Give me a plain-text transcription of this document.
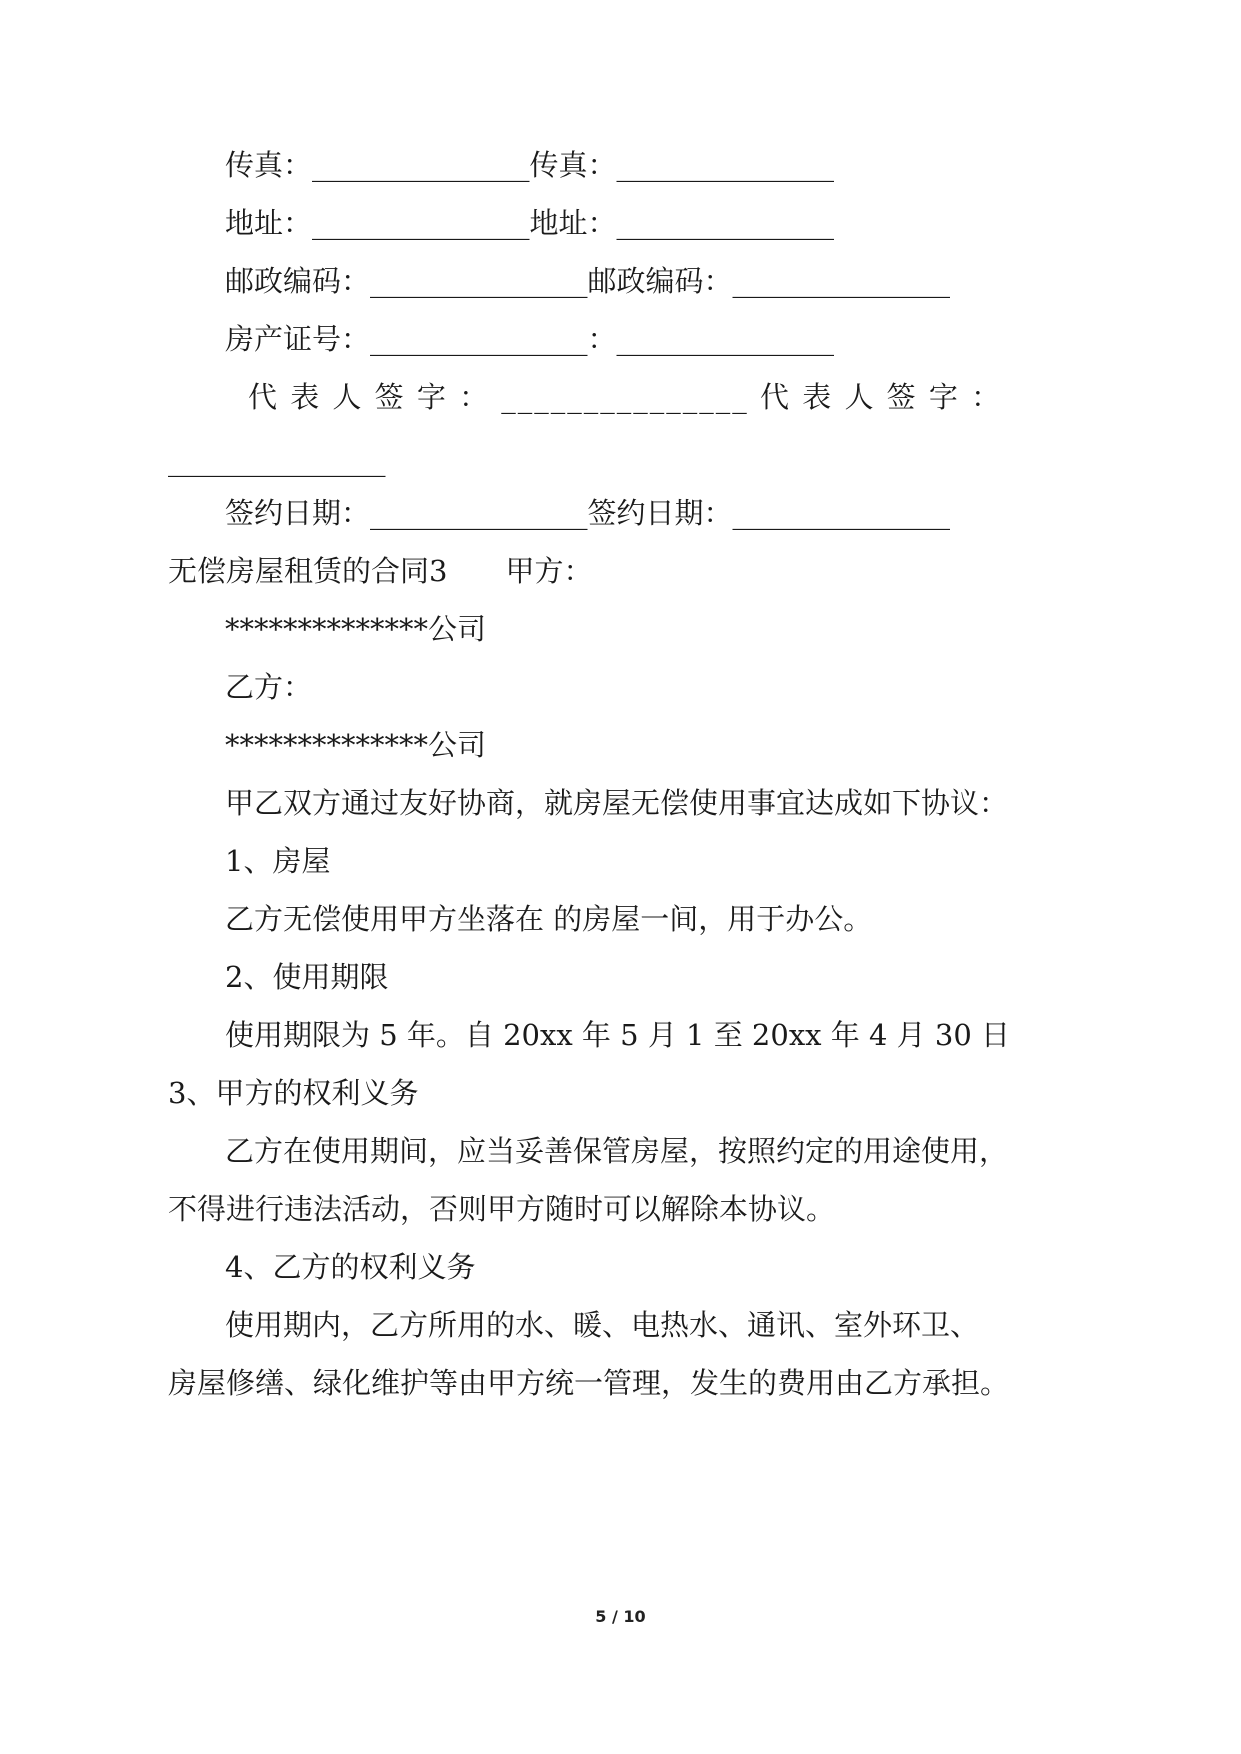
传真：_______________传真：_______________

地址：_______________地址：_______________

邮政编码：_______________邮政编码：_______________

房产证号：_______________：_______________

代 表 人 签 字 ： _______________ 代 表 人 签 字 ：

_______________

签约日期：_______________签约日期：_______________

无偿房屋租赁的合同3　　甲方：

**************公司

乙方：

**************公司

甲乙双方通过友好协商，就房屋无偿使用事宜达成如下协议：

1、房屋

乙方无偿使用甲方坐落在 的房屋一间，用于办公。

2、使用期限

使用期限为 5 年。自 20xx 年 5 月 1 至 20xx 年 4 月 30 日

3、甲方的权利义务

乙方在使用期间，应当妥善保管房屋，按照约定的用途使用，

不得进行违法活动，否则甲方随时可以解除本协议。

4、乙方的权利义务

使用期内，乙方所用的水、暖、电热水、通讯、室外环卫、

房屋修缮、绿化维护等由甲方统一管理，发生的费用由乙方承担。

5 / 10
